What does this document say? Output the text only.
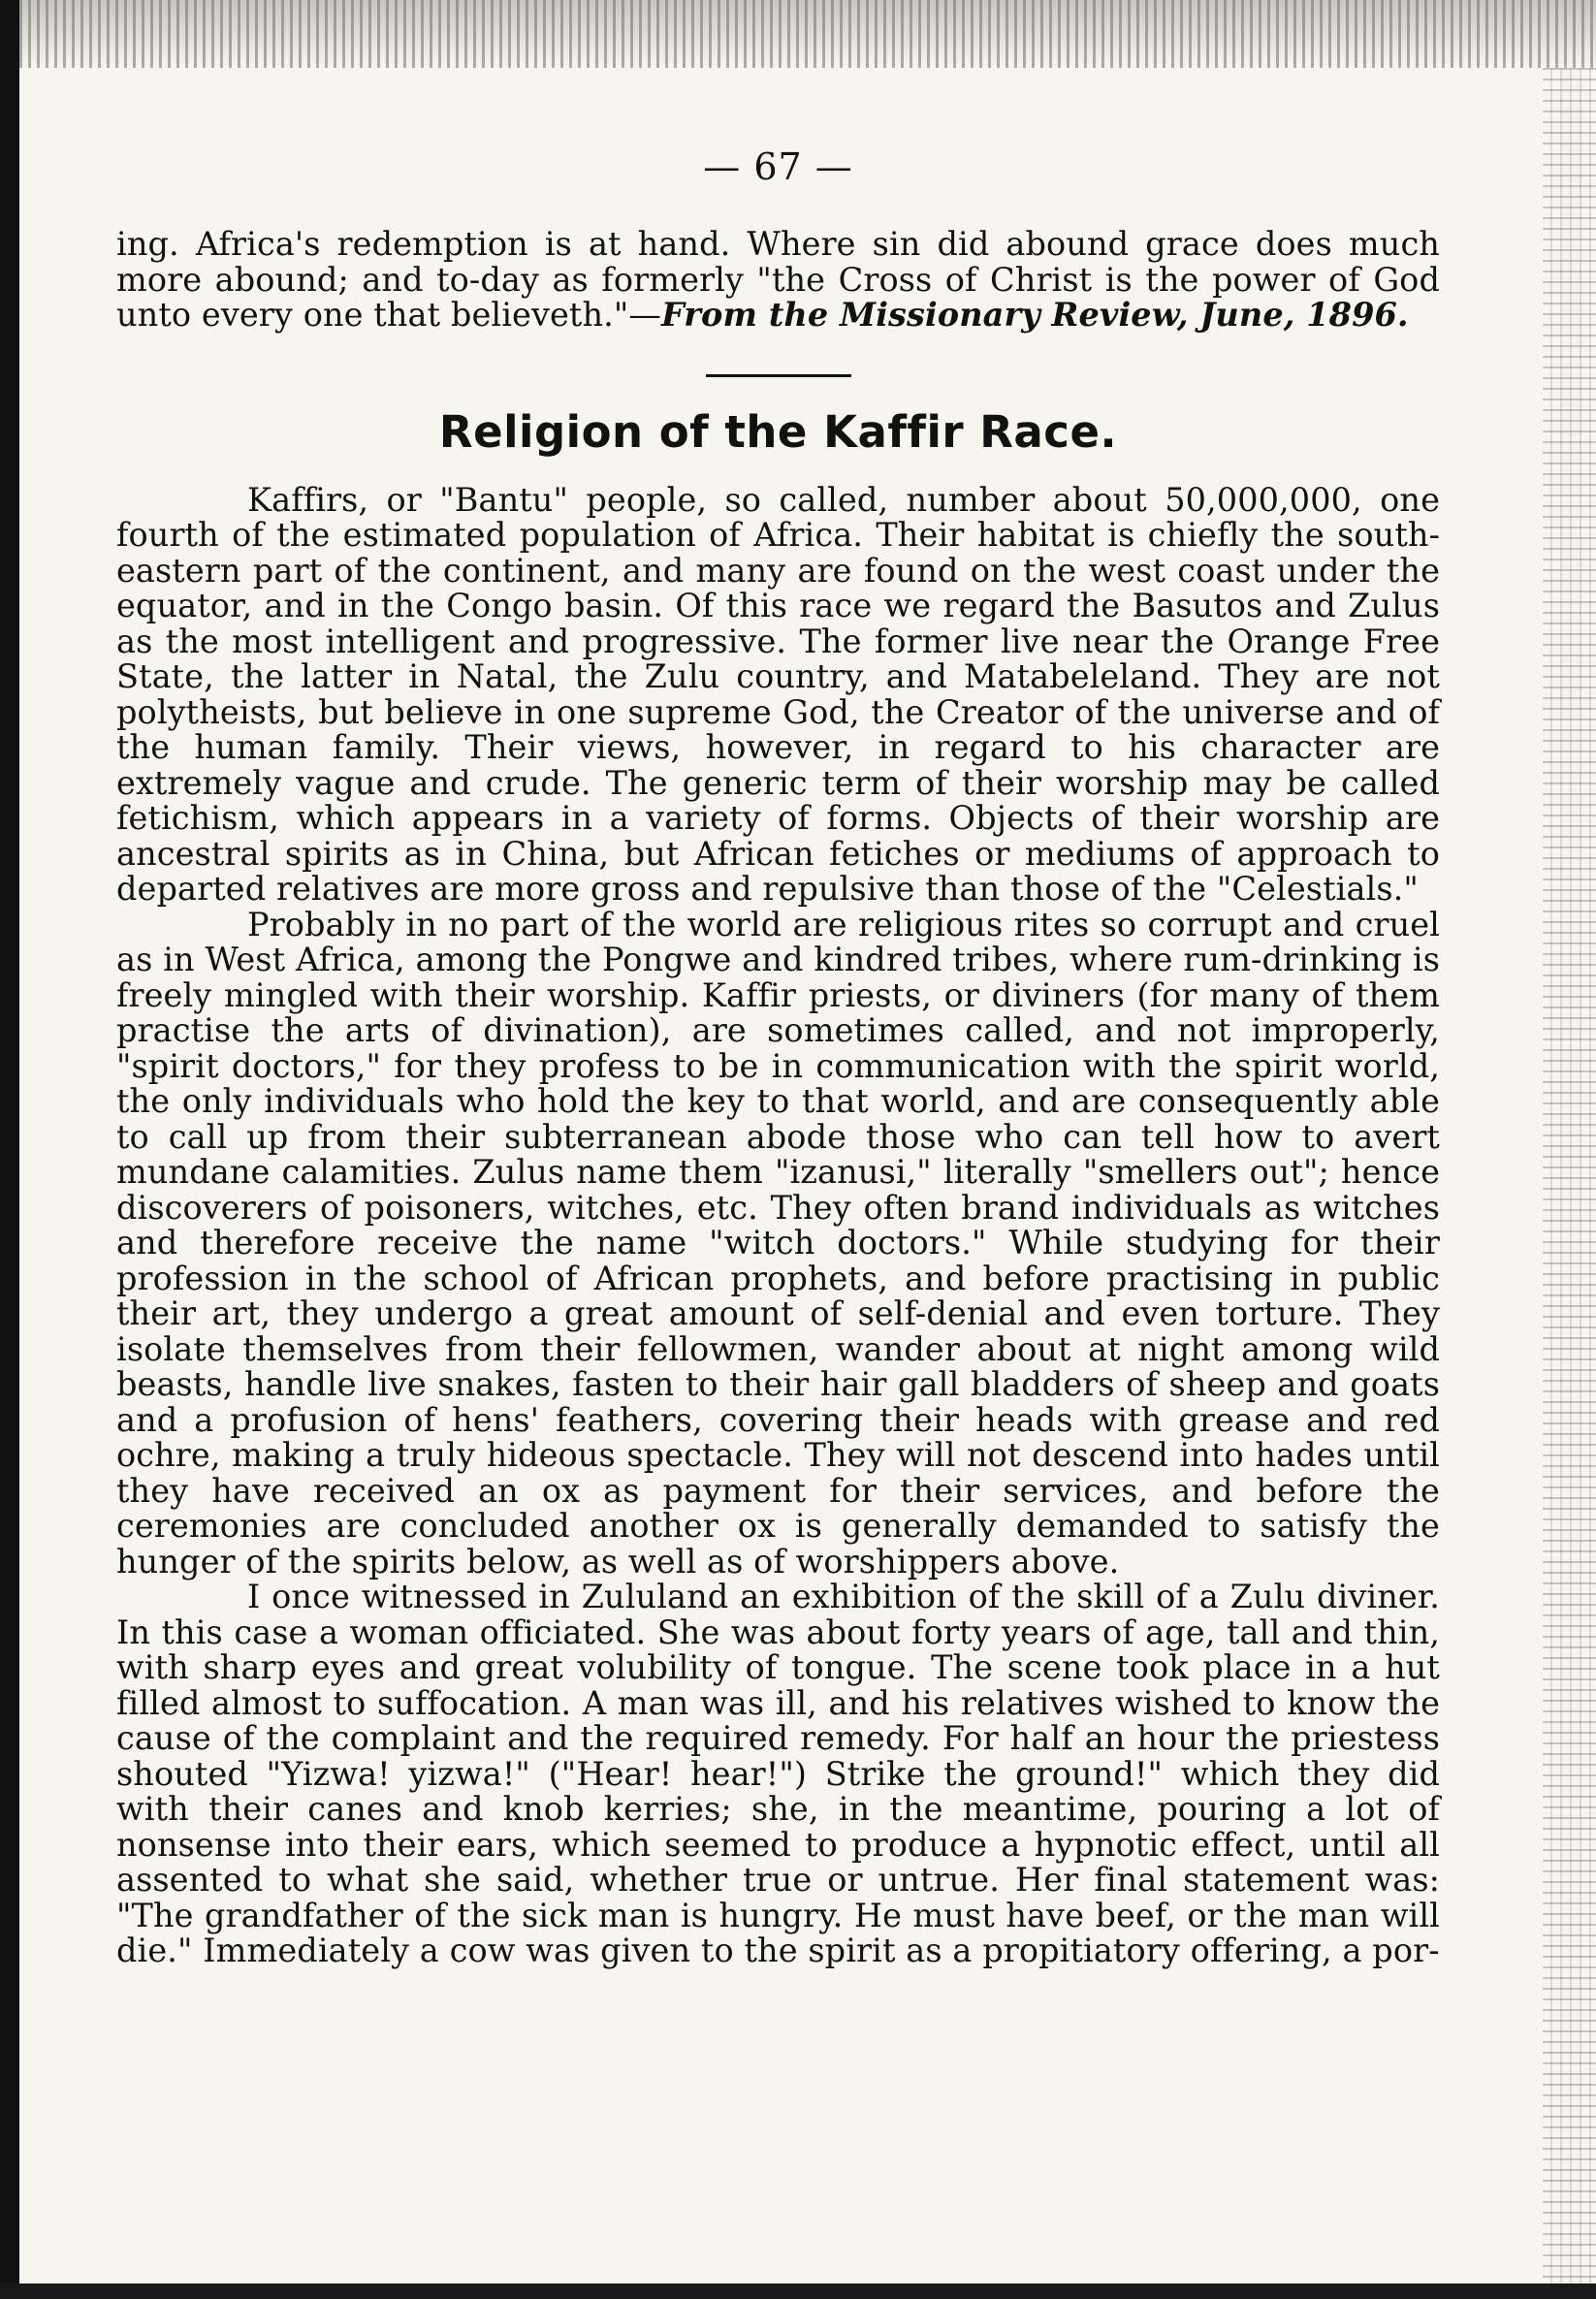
— 67 —

ing. Africa's redemption is at hand. Where sin did abound grace does much more abound; and to-day as formerly "the Cross of Christ is the power of God unto every one that believeth."—From the Missionary Review, June, 1896.

Religion of the Kaffir Race.

Kaffirs, or "Bantu" people, so called, number about 50,000,000, one fourth of the estimated population of Africa. Their habitat is chiefly the south-eastern part of the continent, and many are found on the west coast under the equator, and in the Congo basin. Of this race we regard the Basutos and Zulus as the most intelligent and progressive. The former live near the Orange Free State, the latter in Natal, the Zulu country, and Matabeleland. They are not polytheists, but believe in one supreme God, the Creator of the universe and of the human family. Their views, however, in regard to his character are extremely vague and crude. The generic term of their worship may be called fetichism, which appears in a variety of forms. Objects of their worship are ancestral spirits as in China, but African fetiches or mediums of approach to departed relatives are more gross and repulsive than those of the "Celestials."

Probably in no part of the world are religious rites so corrupt and cruel as in West Africa, among the Pongwe and kindred tribes, where rum-drinking is freely mingled with their worship. Kaffir priests, or diviners (for many of them practise the arts of divination), are sometimes called, and not improperly, "spirit doctors," for they profess to be in communication with the spirit world, the only individuals who hold the key to that world, and are consequently able to call up from their subterranean abode those who can tell how to avert mundane calamities. Zulus name them "izanusi," literally "smellers out"; hence discoverers of poisoners, witches, etc. They often brand individuals as witches and therefore receive the name "witch doctors." While studying for their profession in the school of African prophets, and before practising in public their art, they undergo a great amount of self-denial and even torture. They isolate themselves from their fellowmen, wander about at night among wild beasts, handle live snakes, fasten to their hair gall bladders of sheep and goats and a profusion of hens' feathers, covering their heads with grease and red ochre, making a truly hideous spectacle. They will not descend into hades until they have received an ox as payment for their services, and before the ceremonies are concluded another ox is generally demanded to satisfy the hunger of the spirits below, as well as of worshippers above.

I once witnessed in Zululand an exhibition of the skill of a Zulu diviner. In this case a woman officiated. She was about forty years of age, tall and thin, with sharp eyes and great volubility of tongue. The scene took place in a hut filled almost to suffocation. A man was ill, and his relatives wished to know the cause of the complaint and the required remedy. For half an hour the priestess shouted "Yizwa! yizwa!" ("Hear! hear!") Strike the ground!" which they did with their canes and knob kerries; she, in the meantime, pouring a lot of nonsense into their ears, which seemed to produce a hypnotic effect, until all assented to what she said, whether true or untrue. Her final statement was: "The grandfather of the sick man is hungry. He must have beef, or the man will die." Immediately a cow was given to the spirit as a propitiatory offering, a por-
